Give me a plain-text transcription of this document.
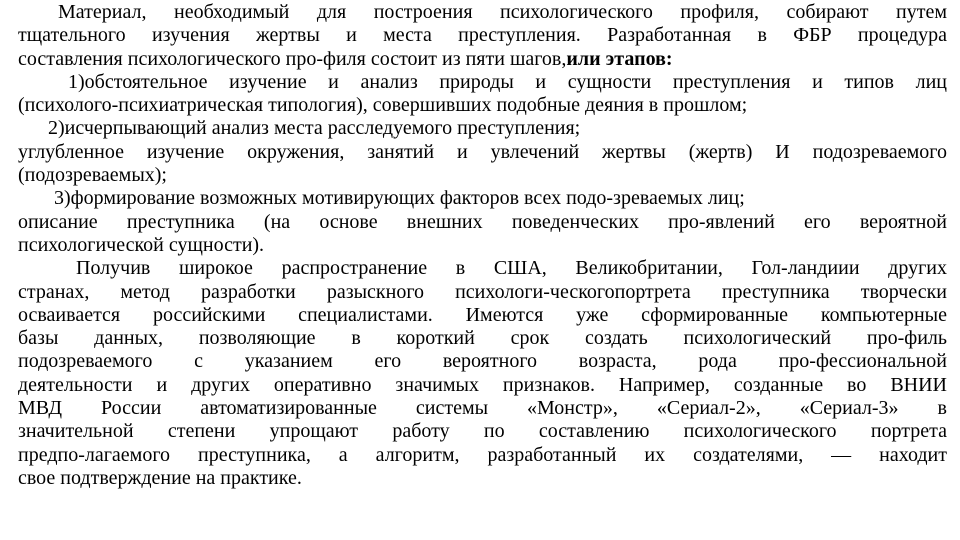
Материал, необходимый для построения психологического профиля, собирают путем
тщательного изучения жертвы и места преступления. Разработанная в ФБР процедура
составления психологического про-филя состоит из пяти шагов,или этапов:
1)обстоятельное изучение и анализ природы и сущности преступления и типов лиц
(психолого-психиатрическая типология), совершивших подобные деяния в прошлом;
2)исчерпывающий анализ места расследуемого преступления;
углубленное изучение окружения, занятий и увлечений жертвы (жертв) И подозреваемого
(подозреваемых);
3)формирование возможных мотивирующих факторов всех подо-зреваемых лиц;
описание преступника (на основе внешних поведенческих про-явлений его вероятной
психологической сущности).
Получив широкое распространение в США, Великобритании, Гол-ландиии других
странах, метод разработки разыскного психологи-ческогопортрета преступника творчески
осваивается российскими специалистами. Имеются уже сформированные компьютерные
базы данных, позволяющие в короткий срок создать психологический про-филь
подозреваемого с указанием его вероятного возраста, рода про-фессиональной
деятельности и других оперативно значимых признаков. Например, созданные во ВНИИ
МВД России автоматизированные системы «Монстр», «Сериал-2», «Сериал-3» в
значительной степени упрощают работу по составлению психологического портрета
предпо-лагаемого преступника, а алгоритм, разработанный их создателями, — находит
свое подтверждение на практике.
